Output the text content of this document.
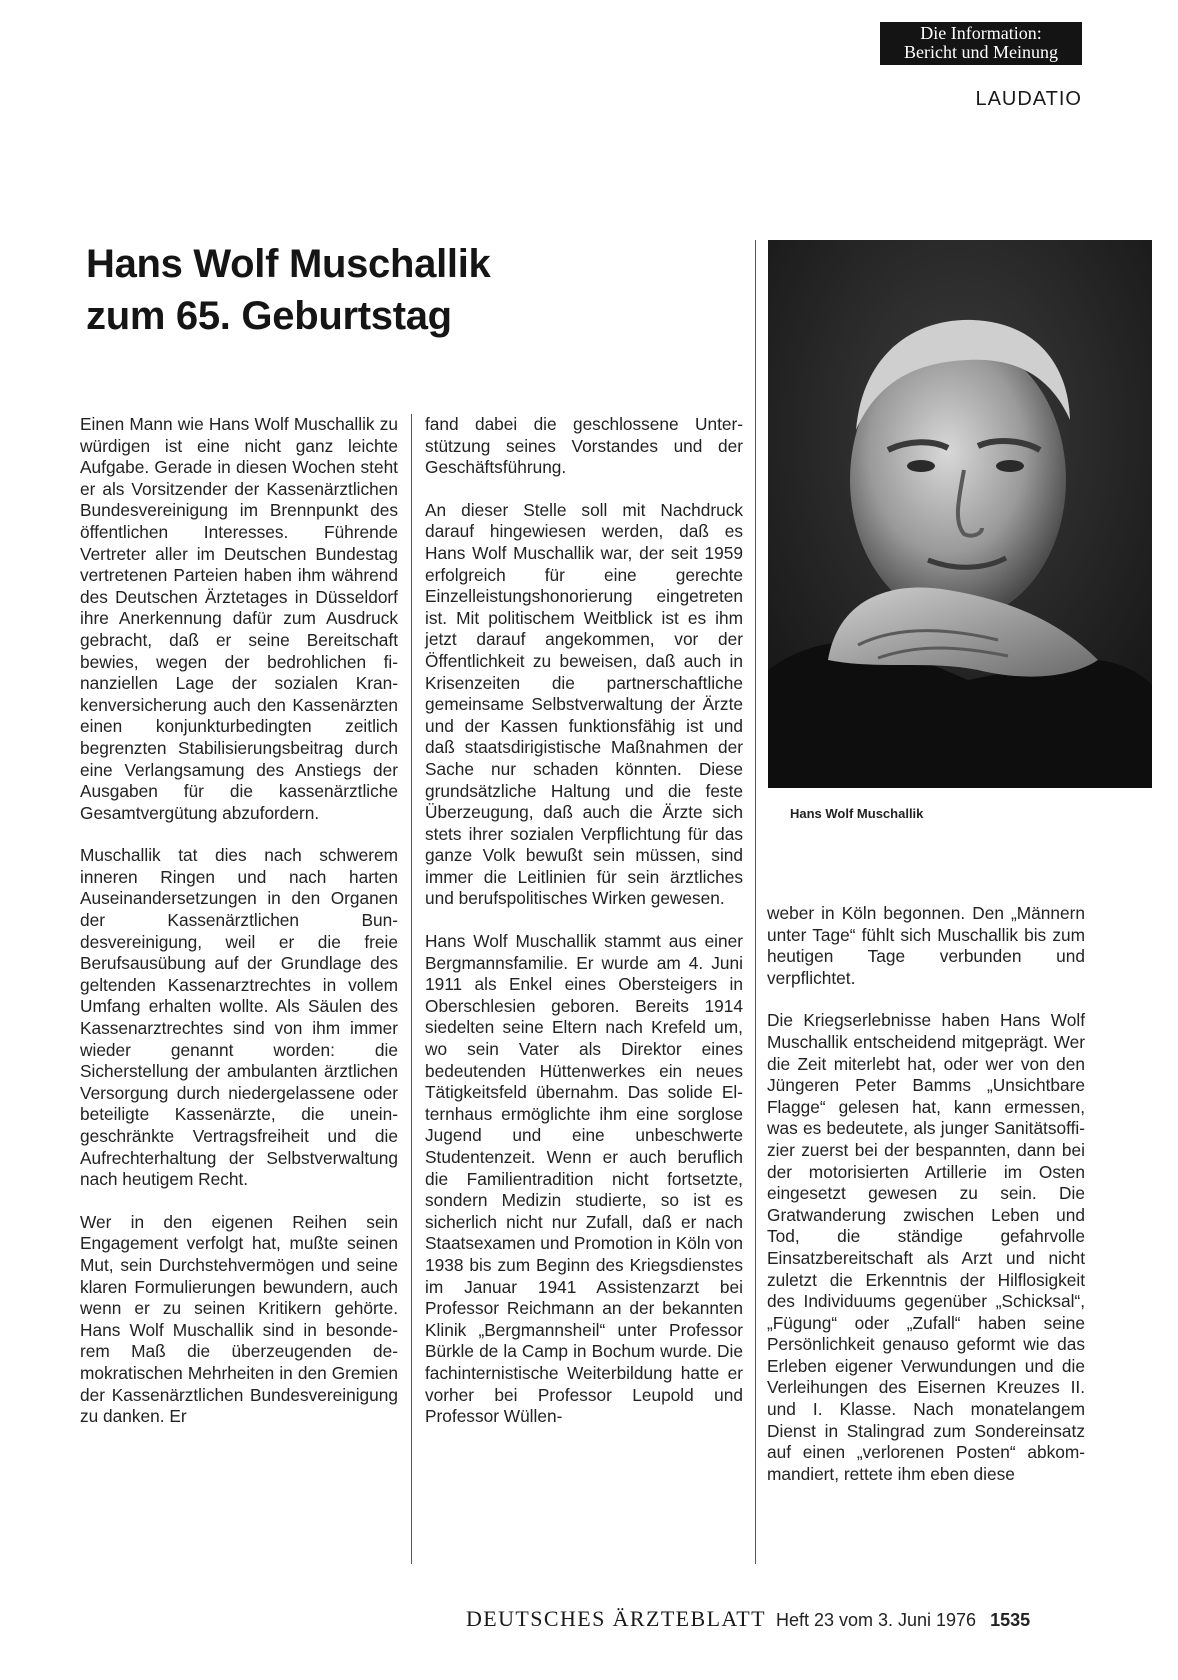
Die Information:
Bericht und Meinung
LAUDATIO
Hans Wolf Muschallik
zum 65. Geburtstag

Einen Mann wie Hans Wolf Muschallik zu würdigen ist eine nicht ganz leichte Aufgabe. Gerade in diesen Wochen steht er als Vorsitzender der Kassenärztlichen Bundesvereinigung im Brennpunkt des öffentlichen Interesses. Führende Vertreter aller im Deutschen Bundestag vertretenen Parteien haben ihm während des Deutschen Ärztetages in Düsseldorf ihre Anerkennung dafür zum Ausdruck gebracht, daß er seine Bereitschaft bewies, wegen der bedrohlichen finanziellen Lage der sozialen Krankenversicherung auch den Kassenärzten einen konjunkturbedingten zeitlich begrenzten Stabilisierungsbeitrag durch eine Verlangsamung des Anstiegs der Ausgaben für die kassenärztliche Gesamtvergütung abzufordern.

Muschallik tat dies nach schwerem inneren Ringen und nach harten Auseinandersetzungen in den Organen der Kassenärztlichen Bundesvereinigung, weil er die freie Berufsausübung auf der Grundlage des geltenden Kassenarztrechtes in vollem Umfang erhalten wollte. Als Säulen des Kassenarztrechtes sind von ihm immer wieder genannt worden: die Sicherstellung der ambulanten ärztlichen Versorgung durch niedergelassene oder beteiligte Kassenärzte, die uneingeschränkte Vertragsfreiheit und die Aufrechterhaltung der Selbstverwaltung nach heutigem Recht.

Wer in den eigenen Reihen sein Engagement verfolgt hat, mußte seinen Mut, sein Durchstehvermögen und seine klaren Formulierungen bewundern, auch wenn er zu seinen Kritikern gehörte. Hans Wolf Muschallik sind in besonderem Maß die überzeugenden demokratischen Mehrheiten in den Gremien der Kassenärztlichen Bundesvereinigung zu danken. Er

fand dabei die geschlossene Unterstützung seines Vorstandes und der Geschäftsführung.

An dieser Stelle soll mit Nachdruck darauf hingewiesen werden, daß es Hans Wolf Muschallik war, der seit 1959 erfolgreich für eine gerechte Einzelleistungshonorierung eingetreten ist. Mit politischem Weitblick ist es ihm jetzt darauf angekommen, vor der Öffentlichkeit zu beweisen, daß auch in Krisenzeiten die partnerschaftliche gemeinsame Selbstverwaltung der Ärzte und der Kassen funktionsfähig ist und daß staatsdirigistische Maßnahmen der Sache nur schaden könnten. Diese grundsätzliche Haltung und die feste Überzeugung, daß auch die Ärzte sich stets ihrer sozialen Verpflichtung für das ganze Volk bewußt sein müssen, sind immer die Leitlinien für sein ärztliches und berufspolitisches Wirken gewesen.

Hans Wolf Muschallik stammt aus einer Bergmannsfamilie. Er wurde am 4. Juni 1911 als Enkel eines Obersteigers in Oberschlesien geboren. Bereits 1914 siedelten seine Eltern nach Krefeld um, wo sein Vater als Direktor eines bedeutenden Hüttenwerkes ein neues Tätigkeitsfeld übernahm. Das solide Elternhaus ermöglichte ihm eine sorglose Jugend und eine unbeschwerte Studentenzeit. Wenn er auch beruflich die Familientradition nicht fortsetzte, sondern Medizin studierte, so ist es sicherlich nicht nur Zufall, daß er nach Staatsexamen und Promotion in Köln von 1938 bis zum Beginn des Kriegsdienstes im Januar 1941 Assistenzarzt bei Professor Reichmann an der bekannten Klinik „Bergmannsheil“ unter Professor Bürkle de la Camp in Bochum wurde. Die fachinternistische Weiterbildung hatte er vorher bei Professor Leupold und Professor Wüllen-

Hans Wolf Muschallik

weber in Köln begonnen. Den „Männern unter Tage“ fühlt sich Muschallik bis zum heutigen Tage verbunden und verpflichtet.

Die Kriegserlebnisse haben Hans Wolf Muschallik entscheidend mitgeprägt. Wer die Zeit miterlebt hat, oder wer von den Jüngeren Peter Bamms „Unsichtbare Flagge“ gelesen hat, kann ermessen, was es bedeutete, als junger Sanitätsoffizier zuerst bei der bespannten, dann bei der motorisierten Artillerie im Osten eingesetzt gewesen zu sein. Die Gratwanderung zwischen Leben und Tod, die ständige gefahrvolle Einsatzbereitschaft als Arzt und nicht zuletzt die Erkenntnis der Hilflosigkeit des Individuums gegenüber „Schicksal“, „Fügung“ oder „Zufall“ haben seine Persönlichkeit genauso geformt wie das Erleben eigener Verwundungen und die Verleihungen des Eisernen Kreuzes II. und I. Klasse. Nach monatelangem Dienst in Stalingrad zum Sondereinsatz auf einen „verlorenen Posten“ abkommandiert, rettete ihm eben diese

DEUTSCHES ÄRZTEBLATT Heft 23 vom 3. Juni 1976 1535
